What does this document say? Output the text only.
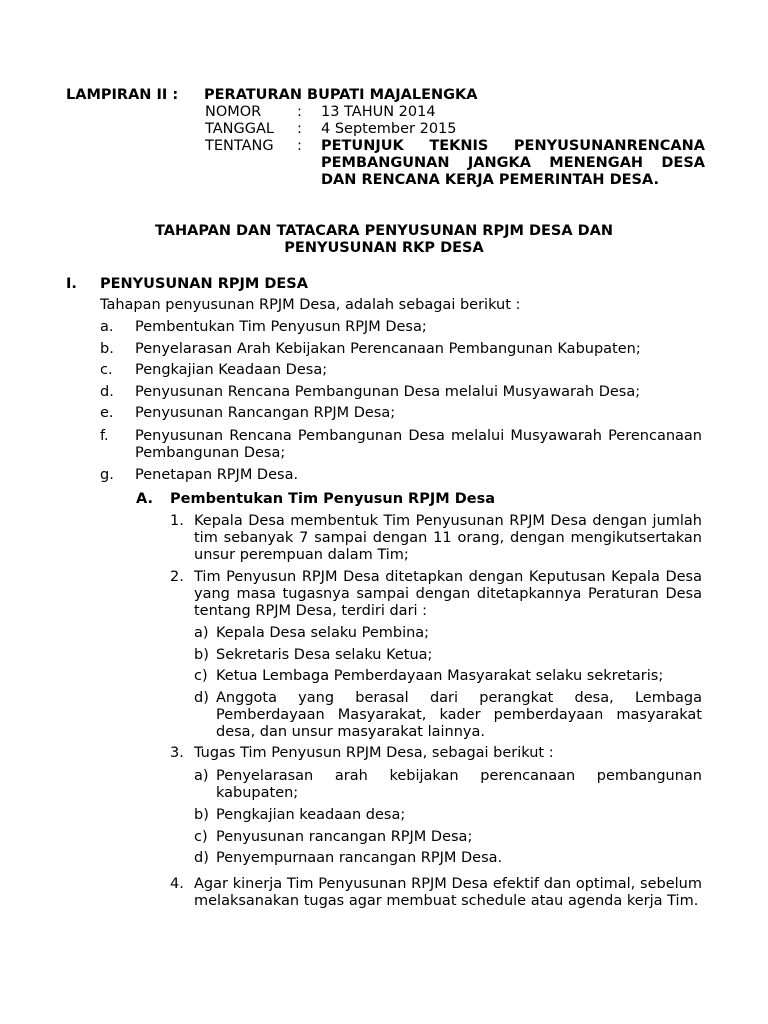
LAMPIRAN II :	PERATURAN BUPATI MAJALENGKA
NOMOR	:	13 TAHUN 2014
TANGGAL	:	4 September 2015
TENTANG	:	PETUNJUK TEKNIS PENYUSUNANRENCANA PEMBANGUNAN JANGKA MENENGAH DESA DAN RENCANA KERJA PEMERINTAH DESA.
TAHAPAN DAN TATACARA PENYUSUNAN RPJM DESA DAN
PENYUSUNAN RKP DESA
I. PENYUSUNAN RPJM DESA
Tahapan penyusunan RPJM Desa, adalah sebagai berikut :
a.	Pembentukan Tim Penyusun RPJM Desa;
b.	Penyelarasan Arah Kebijakan Perencanaan Pembangunan Kabupaten;
c.	Pengkajian Keadaan Desa;
d.	Penyusunan Rencana Pembangunan Desa melalui Musyawarah Desa;
e.	Penyusunan Rancangan RPJM Desa;
f.	Penyusunan Rencana Pembangunan Desa melalui Musyawarah Perencanaan Pembangunan Desa;
g.	Penetapan RPJM Desa.
A. Pembentukan Tim Penyusun RPJM Desa
1. Kepala Desa membentuk Tim Penyusunan RPJM Desa dengan jumlah tim sebanyak 7 sampai dengan 11 orang, dengan mengikutsertakan unsur perempuan dalam Tim;
2. Tim Penyusun RPJM Desa ditetapkan dengan Keputusan Kepala Desa yang masa tugasnya sampai dengan ditetapkannya Peraturan Desa tentang RPJM Desa, terdiri dari :
a) Kepala Desa selaku Pembina;
b) Sekretaris Desa selaku Ketua;
c) Ketua Lembaga Pemberdayaan Masyarakat selaku sekretaris;
d) Anggota yang berasal dari perangkat desa, Lembaga Pemberdayaan Masyarakat, kader pemberdayaan masyarakat desa, dan unsur masyarakat lainnya.
3. Tugas Tim Penyusun RPJM Desa, sebagai berikut :
a) Penyelarasan arah kebijakan perencanaan pembangunan kabupaten;
b) Pengkajian keadaan desa;
c) Penyusunan rancangan RPJM Desa;
d) Penyempurnaan rancangan RPJM Desa.
4. Agar kinerja Tim Penyusunan RPJM Desa efektif dan optimal, sebelum melaksanakan tugas agar membuat schedule atau agenda kerja Tim.
